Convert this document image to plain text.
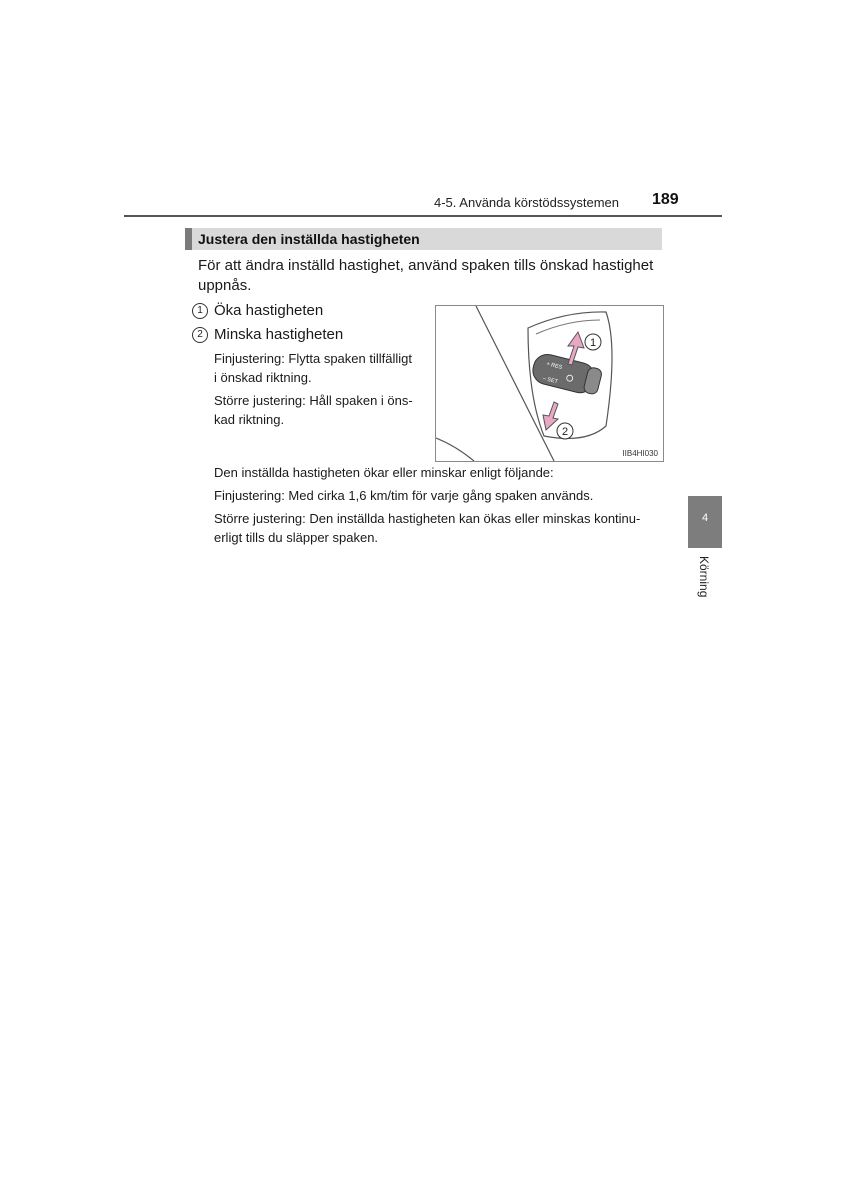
4-5. Använda körstödssystemen 189
Justera den inställda hastigheten
För att ändra inställd hastighet, använd spaken tills önskad hastighet
uppnås.
1 Öka hastigheten
2 Minska hastigheten
Finjustering: Flytta spaken tillfälligt
i önskad riktning.
Större justering: Håll spaken i öns-
kad riktning.
+ RES
– SET
1
2
IIB4HI030
Den inställda hastigheten ökar eller minskar enligt följande:
Finjustering: Med cirka 1,6 km/tim för varje gång spaken används.
Större justering: Den inställda hastigheten kan ökas eller minskas kontinu-
erligt tills du släpper spaken.
4
Körning
